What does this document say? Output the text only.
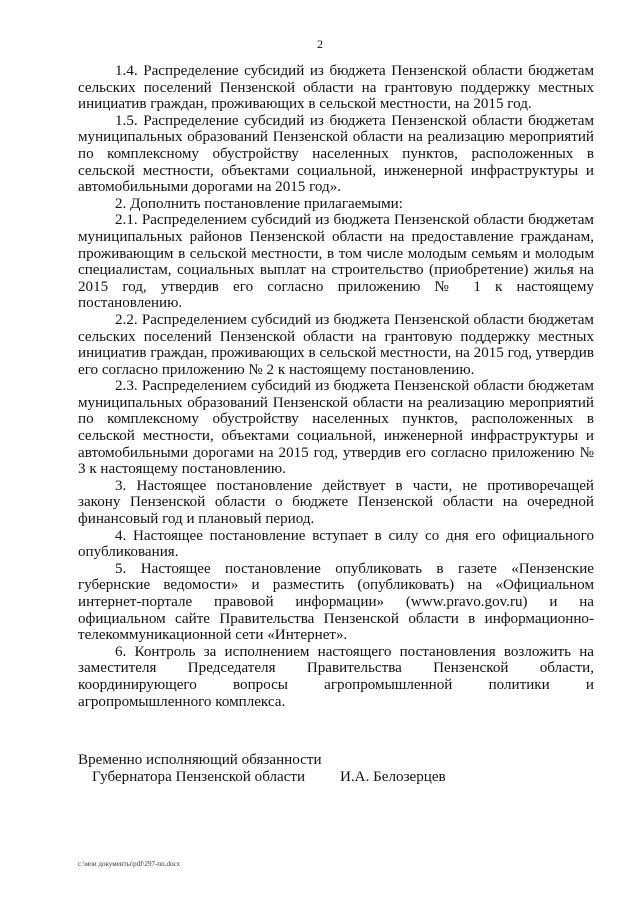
2

1.4. Распределение субсидий из бюджета Пензенской области бюджетам сельских поселений Пензенской области на грантовую поддержку местных инициатив граждан, проживающих в сельской местности, на 2015 год.

1.5. Распределение субсидий из бюджета Пензенской области бюджетам муниципальных образований Пензенской области на реализацию мероприятий по комплексному обустройству населенных пунктов, расположенных в сельской местности, объектами социальной, инженерной инфраструктуры и автомобильными дорогами на 2015 год».

2. Дополнить постановление прилагаемыми:

2.1. Распределением субсидий из бюджета Пензенской области бюджетам муниципальных районов Пензенской области на предоставление гражданам, проживающим в сельской местности, в том числе молодым семьям и молодым специалистам, социальных выплат на строительство (приобретение) жилья на 2015 год, утвердив его согласно приложению № 1 к настоящему постановлению.

2.2. Распределением субсидий из бюджета Пензенской области бюджетам сельских поселений Пензенской области на грантовую поддержку местных инициатив граждан, проживающих в сельской местности, на 2015 год, утвердив его согласно приложению № 2 к настоящему постановлению.

2.3. Распределением субсидий из бюджета Пензенской области бюджетам муниципальных образований Пензенской области на реализацию мероприятий по комплексному обустройству населенных пунктов, расположенных в сельской местности, объектами социальной, инженерной инфраструктуры и автомобильными дорогами на 2015 год, утвердив его согласно приложению № 3 к настоящему постановлению.

3. Настоящее постановление действует в части, не противоречащей закону Пензенской области о бюджете Пензенской области на очередной финансовый год и плановый период.

4. Настоящее постановление вступает в силу со дня его официального опубликования.

5. Настоящее постановление опубликовать в газете «Пензенские губернские ведомости» и разместить (опубликовать) на «Официальном интернет-портале правовой информации» (www.pravo.gov.ru) и на официальном сайте Правительства Пензенской области в информационно-телекоммуникационной сети «Интернет».

6. Контроль за исполнением настоящего постановления возложить на заместителя Председателя Правительства Пензенской области, координирующего вопросы агропромышленной политики и агропромышленного комплекса.

Временно исполняющий обязанности
Губернатора Пензенской области	И.А. Белозерцев
c:\мои документы\pdf\297-пп.docx
